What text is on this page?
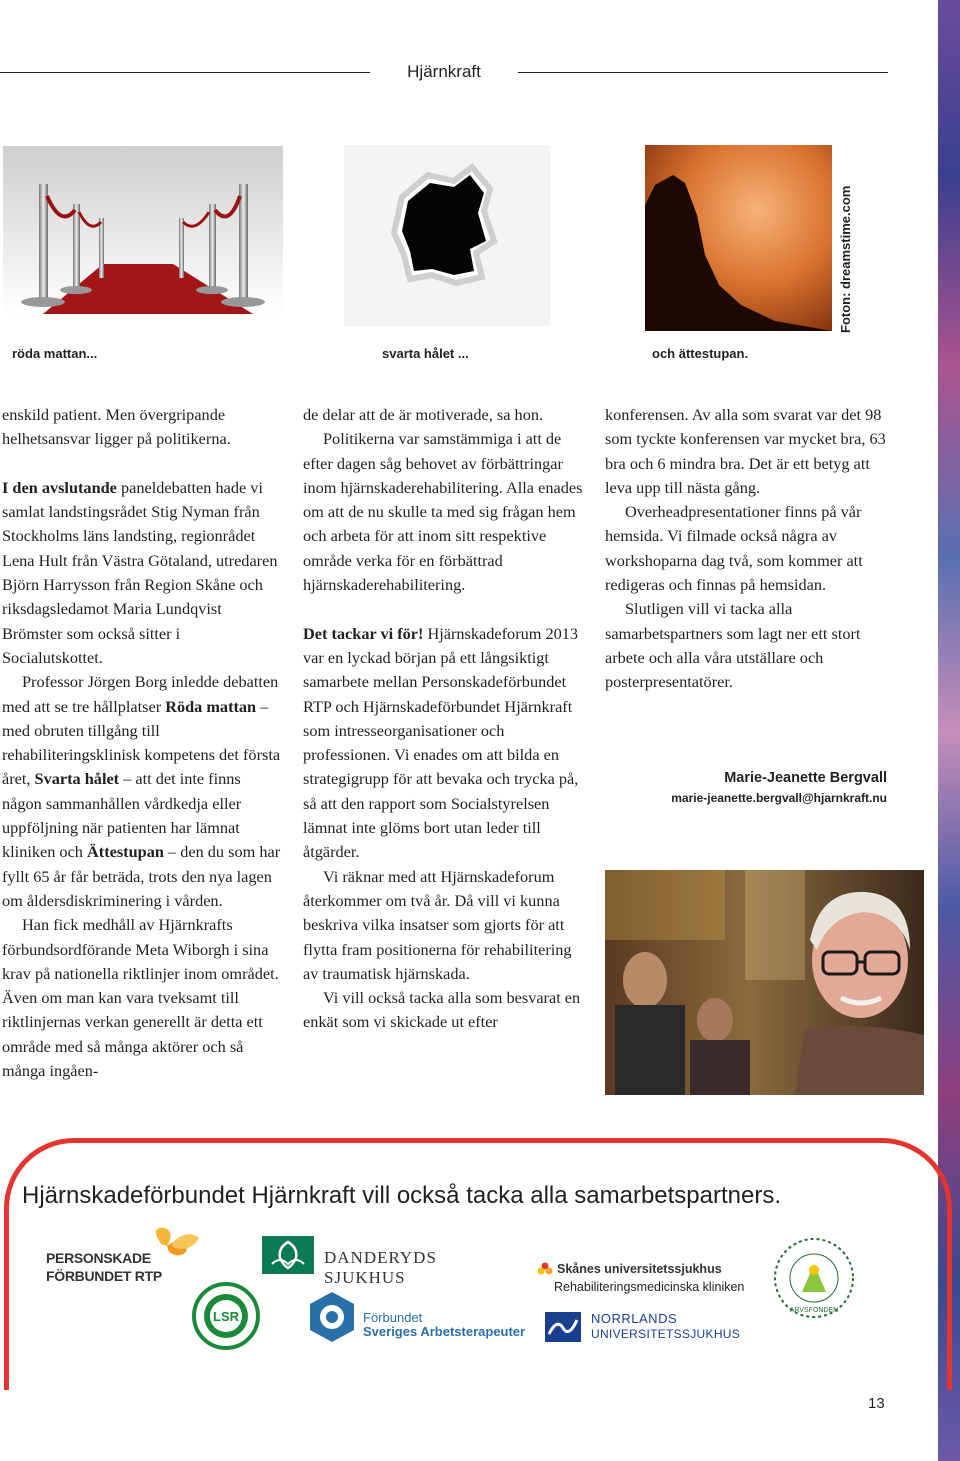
Hjärnkraft
röda mattan...	svarta hålet ...	och ättestupan.
Foton: dreamstime.com

enskild patient. Men övergripande helhetsansvar ligger på politikerna.

I den avslutande paneldebatten hade vi samlat landstingsrådet Stig Nyman från Stockholms läns landsting, regionrådet Lena Hult från Västra Götaland, utredaren Björn Harrysson från Region Skåne och riksdagsledamot Maria Lundqvist Brömster som också sitter i Socialutskottet.

Professor Jörgen Borg inledde debatten med att se tre hållplatser Röda mattan – med obruten tillgång till rehabiliteringsklinisk kompetens det första året, Svarta hålet – att det inte finns någon sammanhållen vårdkedja eller uppföljning när patienten har lämnat kliniken och Ättestupan – den du som har fyllt 65 år får beträda, trots den nya lagen om åldersdiskriminering i vården.

Han fick medhåll av Hjärnkrafts förbundsordförande Meta Wiborgh i sina krav på nationella riktlinjer inom området. Även om man kan vara tveksamt till riktlinjernas verkan generellt är detta ett område med så många aktörer och så många ingåen-

de delar att de är motiverade, sa hon.

Politikerna var samstämmiga i att de efter dagen såg behovet av förbättringar inom hjärnskaderehabilitering. Alla enades om att de nu skulle ta med sig frågan hem och arbeta för att inom sitt respektive område verka för en förbättrad hjärnskaderehabilitering.

Det tackar vi för! Hjärnskadeforum 2013 var en lyckad början på ett långsiktigt samarbete mellan Personskadeförbundet RTP och Hjärnskadeförbundet Hjärnkraft som intresseorganisationer och professionen. Vi enades om att bilda en strategigrupp för att bevaka och trycka på, så att den rapport som Socialstyrelsen lämnat inte glöms bort utan leder till åtgärder.

Vi räknar med att Hjärnskadeforum återkommer om två år. Då vill vi kunna beskriva vilka insatser som gjorts för att flytta fram positionerna för rehabilitering av traumatisk hjärnskada.

Vi vill också tacka alla som besvarat en enkät som vi skickade ut efter

konferensen. Av alla som svarat var det 98 som tyckte konferensen var mycket bra, 63 bra och 6 mindra bra. Det är ett betyg att leva upp till nästa gång.

Overheadpresentationer finns på vår hemsida. Vi filmade också några av workshoparna dag två, som kommer att redigeras och finnas på hemsidan.

Slutligen vill vi tacka alla samarbetspartners som lagt ner ett stort arbete och alla våra utställare och posterpresentatörer.

Marie-Jeanette Bergvall
marie-jeanette.bergvall@hjarnkraft.nu
Hjärnskadeförbundet Hjärnkraft vill också tacka alla samarbetspartners.
PERSONSKADE
FÖRBUNDET RTP
DANDERYDS SJUKHUS	Skånes universitetssjukhus
Rehabiliteringsmedicinska kliniken
LSR	Förbundet
Sveriges Arbetsterapeuter
NORRLANDS
UNIVERSITETSSJUKHUS
ARVSFONDEN
13
